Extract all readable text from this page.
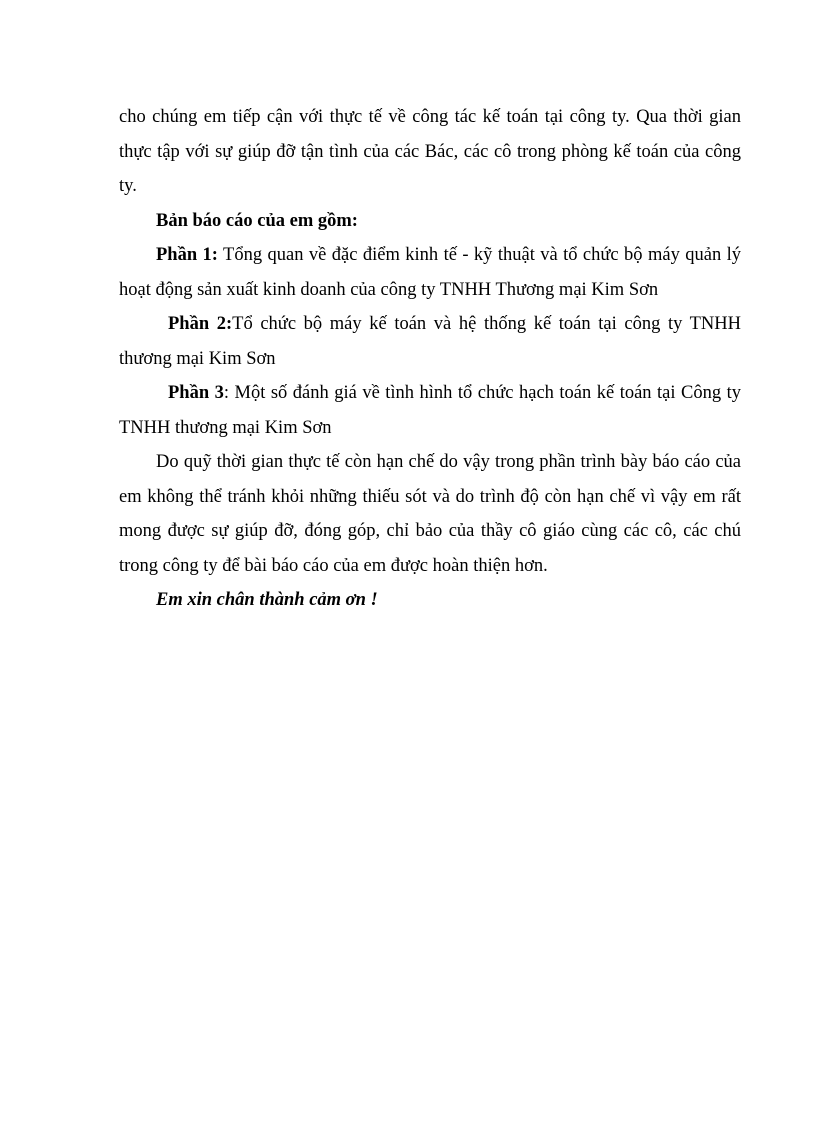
cho chúng em tiếp cận với thực tế về công tác kế toán tại công ty. Qua thời gian thực tập với sự giúp đỡ tận tình của các Bác, các cô trong phòng kế toán của công ty.

Bản báo cáo của em gồm:

Phần 1: Tổng quan về đặc điểm kinh tế - kỹ thuật và tổ chức bộ máy quản lý hoạt động sản xuất kinh doanh của công ty TNHH Thương mại Kim Sơn

Phần 2:Tổ chức bộ máy kế toán và hệ thống kế toán tại công ty TNHH thương mại Kim Sơn

Phần 3: Một số đánh giá về tình hình tổ chức hạch toán kế toán tại Công ty TNHH thương mại Kim Sơn

Do quỹ thời gian thực tế còn hạn chế do vậy trong phần trình bày báo cáo của em không thể tránh khỏi những thiếu sót và do trình độ còn hạn chế vì vậy em rất mong được sự giúp đỡ, đóng góp, chỉ bảo của thầy cô giáo cùng các cô, các chú trong công ty để bài báo cáo của em được hoàn thiện hơn.

Em xin chân thành cảm ơn !
